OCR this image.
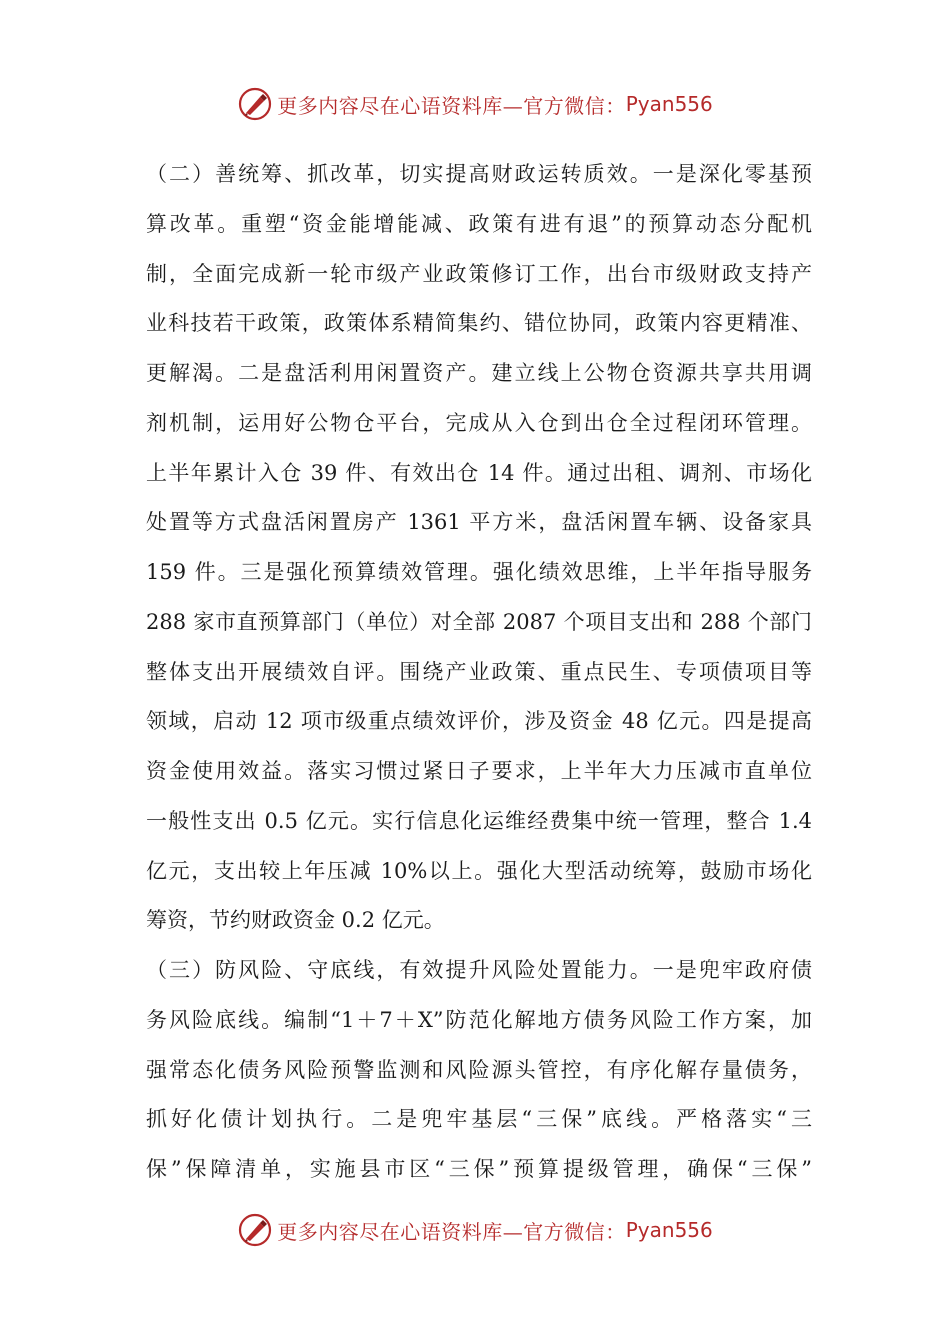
更多内容尽在心语资料库—官方微信： Pyan556
（二）善统筹、抓改革，切实提高财政运转质效。一是深化零基预
算改革。重塑“资金能增能减、政策有进有退”的预算动态分配机
制，全面完成新一轮市级产业政策修订工作，出台市级财政支持产
业科技若干政策，政策体系精简集约、错位协同，政策内容更精准、
更解渴。二是盘活利用闲置资产。建立线上公物仓资源共享共用调
剂机制，运用好公物仓平台，完成从入仓到出仓全过程闭环管理。
上半年累计入仓 39 件、有效出仓 14 件。通过出租、调剂、市场化
处置等方式盘活闲置房产 1361 平方米，盘活闲置车辆、设备家具
159 件。三是强化预算绩效管理。强化绩效思维，上半年指导服务
288 家市直预算部门（单位）对全部 2087 个项目支出和 288 个部门
整体支出开展绩效自评。围绕产业政策、重点民生、专项债项目等
领域，启动 12 项市级重点绩效评价，涉及资金 48 亿元。四是提高
资金使用效益。落实习惯过紧日子要求，上半年大力压减市直单位
一般性支出 0.5 亿元。实行信息化运维经费集中统一管理，整合 1.4
亿元，支出较上年压减 10%以上。强化大型活动统筹，鼓励市场化
筹资，节约财政资金 0.2 亿元。
（三）防风险、守底线，有效提升风险处置能力。一是兜牢政府债
务风险底线。编制“1＋7＋X”防范化解地方债务风险工作方案，加
强常态化债务风险预警监测和风险源头管控，有序化解存量债务，
抓好化债计划执行。二是兜牢基层“三保”底线。严格落实“三
保”保障清单，实施县市区“三保”预算提级管理，确保“三保”
更多内容尽在心语资料库—官方微信： Pyan556
